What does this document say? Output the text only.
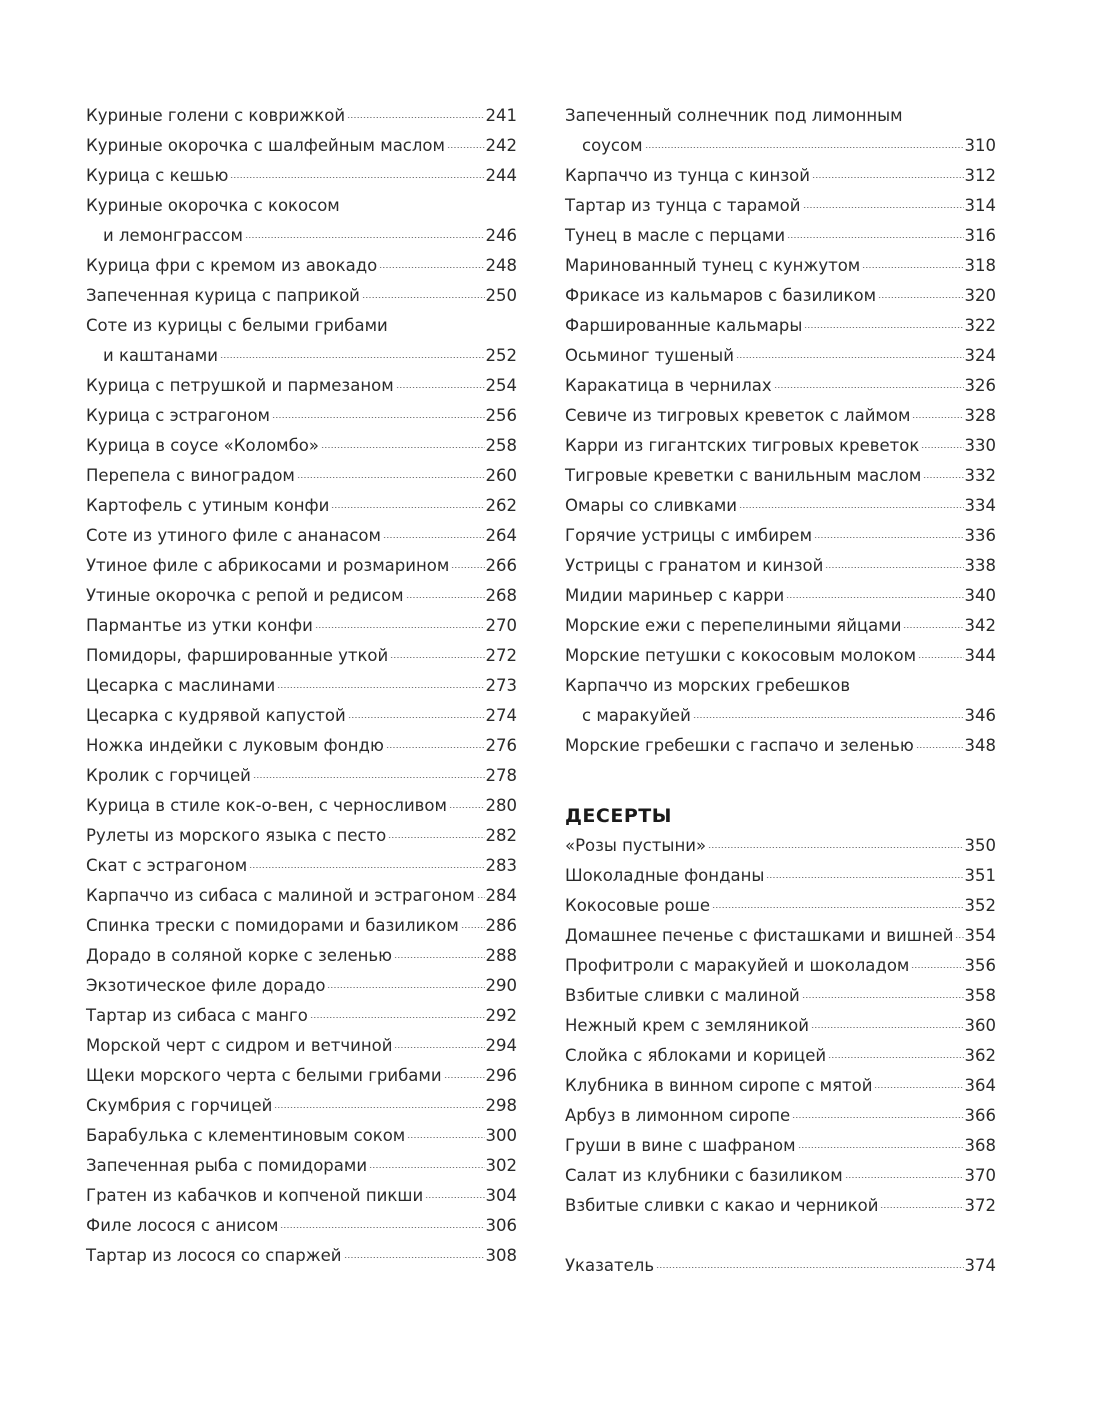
Куриные голени с коврижкой	241
Куриные окорочка с шалфейным маслом 242
Курица с кешью	244
Куриные окорочка с кокосом
и лемонграссом	246
Курица фри с кремом из авокадо	248
Запеченная курица с паприкой	250
Соте из курицы с белыми грибами
и каштанами	252
Курица с петрушкой и пармезаном	254
Курица с эстрагоном	256
Курица в соусе «Коломбо»	258
Перепела с виноградом	260
Картофель с утиным конфи	262
Соте из утиного филе с ананасом	264
Утиное филе с абрикосами и розмарином 266
Утиные окорочка с репой и редисом	268
Пармантье из утки конфи	270
Помидоры, фаршированные уткой	272
Цесарка с маслинами	273
Цесарка с кудрявой капустой	274
Ножка индейки с луковым фондю	276
Кролик с горчицей	278
Курица в стиле кок-о-вен, с черносливом 280
Рулеты из морского языка с песто	282
Скат с эстрагоном	283
Карпаччо из сибаса с малиной и эстрагоном 284
Спинка трески с помидорами и базиликом 286
Дорадо в соляной корке с зеленью	288
Экзотическое филе дорадо	290
Тартар из сибаса с манго	292
Морской черт с сидром и ветчиной	294
Щеки морского черта с белыми грибами	296
Скумбрия с горчицей	298
Барабулька с клементиновым соком	300
Запеченная рыба с помидорами	302
Гратен из кабачков и копченой пикши	304
Филе лосося с анисом	306
Тартар из лосося со спаржей	308
Запеченный солнечник под лимонным
соусом	310
Карпаччо из тунца с кинзой	312
Тартар из тунца с тарамой	314
Тунец в масле с перцами	316
Маринованный тунец с кунжутом	318
Фрикасе из кальмаров с базиликом	320
Фаршированные кальмары	322
Осьминог тушеный	324
Каракатица в чернилах	326
Севиче из тигровых креветок с лаймом	328
Карри из гигантских тигровых креветок	330
Тигровые креветки с ванильным маслом	332
Омары со сливками	334
Горячие устрицы с имбирем	336
Устрицы с гранатом и кинзой	338
Мидии мариньер с карри	340
Морские ежи с перепелиными яйцами	342
Морские петушки с кокосовым молоком	344
Карпаччо из морских гребешков
с маракуйей	346
Морские гребешки с гаспачо и зеленью	348
ДЕСЕРТЫ
«Розы пустыни»	350
Шоколадные фонданы	351
Кокосовые роше	352
Домашнее печенье с фисташками и вишней 354
Профитроли с маракуйей и шоколадом	356
Взбитые сливки с малиной	358
Нежный крем с земляникой	360
Слойка с яблоками и корицей	362
Клубника в винном сиропе с мятой	364
Арбуз в лимонном сиропе	366
Груши в вине с шафраном	368
Салат из клубники с базиликом	370
Взбитые сливки с какао и черникой	372
Указатель	374
